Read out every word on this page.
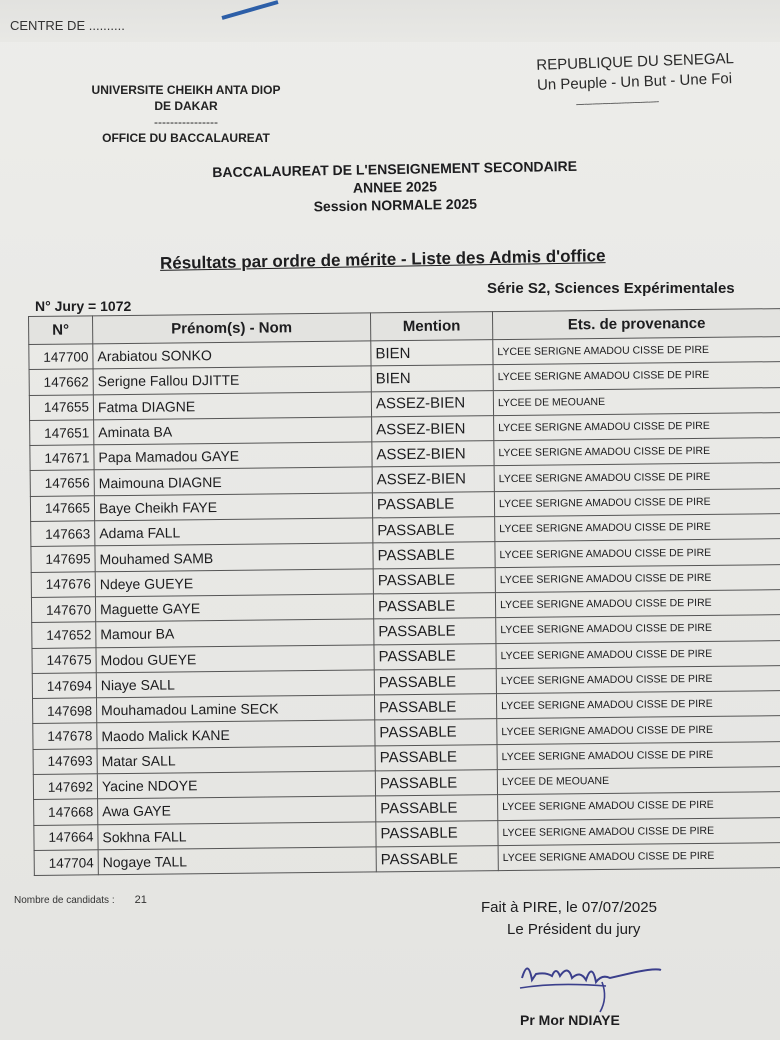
CENTRE DE ..........
UNIVERSITE CHEIKH ANTA DIOP
DE DAKAR
----------------
OFFICE DU BACCALAUREAT
REPUBLIQUE DU SENEGAL
Un Peuple - Un But - Une Foi
-------------------------------
BACCALAUREAT DE L'ENSEIGNEMENT SECONDAIRE
ANNEE 2025
Session NORMALE 2025
Résultats par ordre de mérite - Liste des Admis d'office
N° Jury = 1072
Série S2, Sciences Expérimentales
N°	Prénom(s) - Nom	Mention	Ets. de provenance
147700	Arabiatou SONKO	BIEN	LYCEE SERIGNE AMADOU CISSE DE PIRE
147662	Serigne Fallou DJITTE	BIEN	LYCEE SERIGNE AMADOU CISSE DE PIRE
147655	Fatma DIAGNE	ASSEZ-BIEN	LYCEE DE MEOUANE
147651	Aminata BA	ASSEZ-BIEN	LYCEE SERIGNE AMADOU CISSE DE PIRE
147671	Papa Mamadou GAYE	ASSEZ-BIEN	LYCEE SERIGNE AMADOU CISSE DE PIRE
147656	Maimouna DIAGNE	ASSEZ-BIEN	LYCEE SERIGNE AMADOU CISSE DE PIRE
147665	Baye Cheikh FAYE	PASSABLE	LYCEE SERIGNE AMADOU CISSE DE PIRE
147663	Adama FALL	PASSABLE	LYCEE SERIGNE AMADOU CISSE DE PIRE
147695	Mouhamed SAMB	PASSABLE	LYCEE SERIGNE AMADOU CISSE DE PIRE
147676	Ndeye GUEYE	PASSABLE	LYCEE SERIGNE AMADOU CISSE DE PIRE
147670	Maguette GAYE	PASSABLE	LYCEE SERIGNE AMADOU CISSE DE PIRE
147652	Mamour BA	PASSABLE	LYCEE SERIGNE AMADOU CISSE DE PIRE
147675	Modou GUEYE	PASSABLE	LYCEE SERIGNE AMADOU CISSE DE PIRE
147694	Niaye SALL	PASSABLE	LYCEE SERIGNE AMADOU CISSE DE PIRE
147698	Mouhamadou Lamine SECK	PASSABLE	LYCEE SERIGNE AMADOU CISSE DE PIRE
147678	Maodo Malick KANE	PASSABLE	LYCEE SERIGNE AMADOU CISSE DE PIRE
147693	Matar SALL	PASSABLE	LYCEE SERIGNE AMADOU CISSE DE PIRE
147692	Yacine NDOYE	PASSABLE	LYCEE DE MEOUANE
147668	Awa GAYE	PASSABLE	LYCEE SERIGNE AMADOU CISSE DE PIRE
147664	Sokhna FALL	PASSABLE	LYCEE SERIGNE AMADOU CISSE DE PIRE
147704	Nogaye TALL	PASSABLE	LYCEE SERIGNE AMADOU CISSE DE PIRE
Nombre de candidats : 21	Fait à PIRE, le 07/07/2025
Le Président du jury
Pr Mor NDIAYE
